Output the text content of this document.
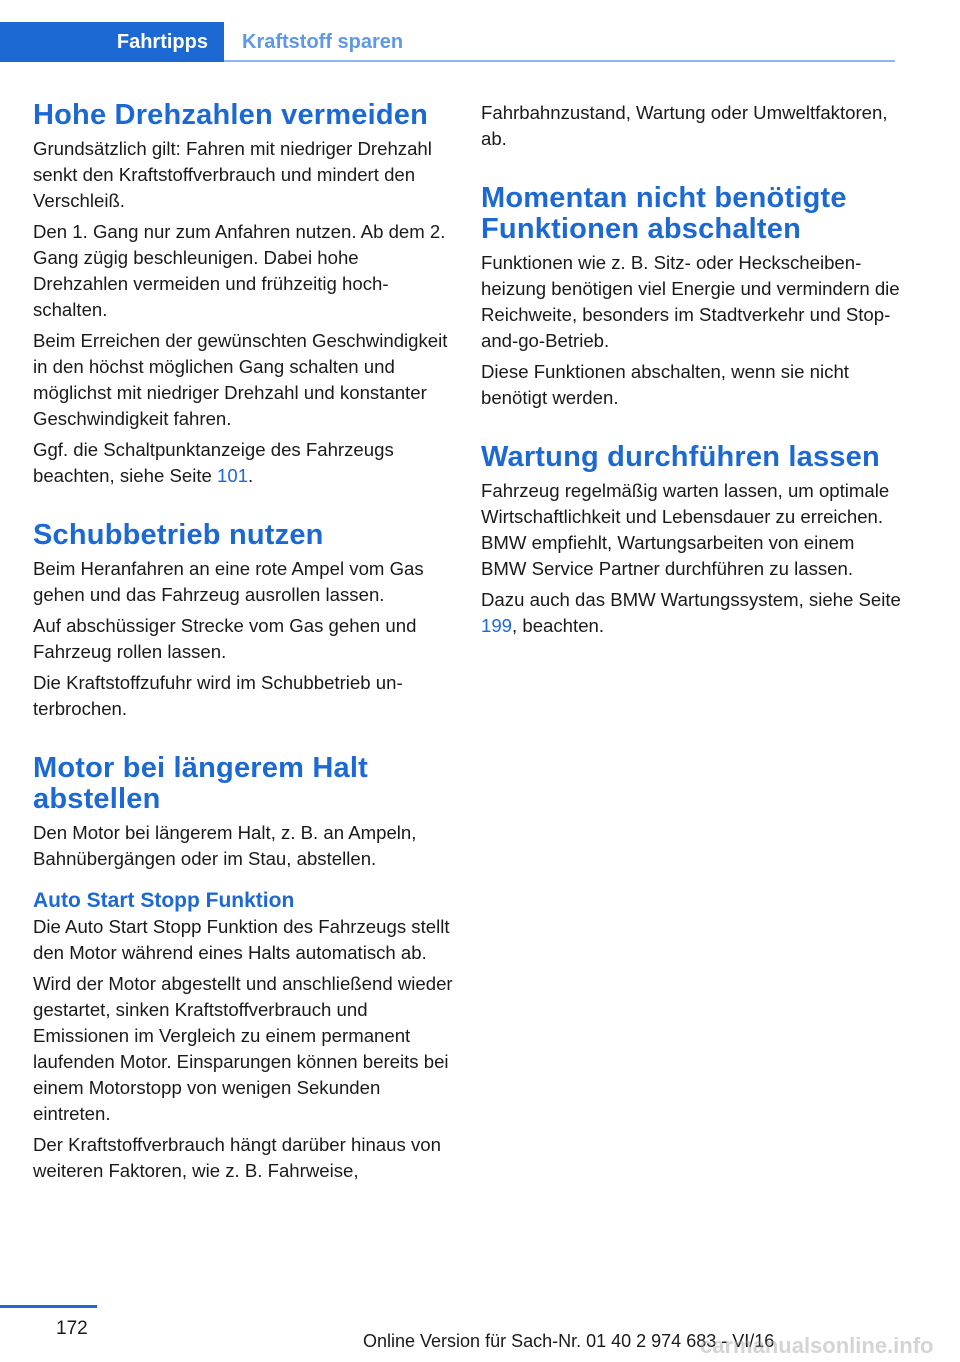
Fahrtipps	Kraftstoff sparen
Hohe Drehzahlen vermeiden

Grundsätzlich gilt: Fahren mit niedriger Drehzahl senkt den Kraftstoffverbrauch und mindert den Verschleiß.

Den 1. Gang nur zum Anfahren nutzen. Ab dem 2. Gang zügig beschleunigen. Dabei hohe Drehzahlen vermeiden und frühzeitig hochschalten.

Beim Erreichen der gewünschten Geschwindigkeit in den höchst möglichen Gang schalten und möglichst mit niedriger Drehzahl und konstanter Geschwindigkeit fahren.

Ggf. die Schaltpunktanzeige des Fahrzeugs beachten, siehe Seite 101.

Schubbetrieb nutzen

Beim Heranfahren an eine rote Ampel vom Gas gehen und das Fahrzeug ausrollen lassen.

Auf abschüssiger Strecke vom Gas gehen und Fahrzeug rollen lassen.

Die Kraftstoffzufuhr wird im Schubbetrieb unterbrochen.

Motor bei längerem Halt abstellen

Den Motor bei längerem Halt, z. B. an Ampeln, Bahnübergängen oder im Stau, abstellen.

Auto Start Stopp Funktion

Die Auto Start Stopp Funktion des Fahrzeugs stellt den Motor während eines Halts automatisch ab.

Wird der Motor abgestellt und anschließend wieder gestartet, sinken Kraftstoffverbrauch und Emissionen im Vergleich zu einem permanent laufenden Motor. Einsparungen können bereits bei einem Motorstopp von wenigen Sekunden eintreten.

Der Kraftstoffverbrauch hängt darüber hinaus von weiteren Faktoren, wie z. B. Fahrweise,

Fahrbahnzustand, Wartung oder Umweltfaktoren, ab.

Momentan nicht benötigte Funktionen abschalten

Funktionen wie z. B. Sitz- oder Heckscheibenheizung benötigen viel Energie und vermindern die Reichweite, besonders im Stadtverkehr und Stop-and-go-Betrieb.

Diese Funktionen abschalten, wenn sie nicht benötigt werden.

Wartung durchführen lassen

Fahrzeug regelmäßig warten lassen, um optimale Wirtschaftlichkeit und Lebensdauer zu erreichen. BMW empfiehlt, Wartungsarbeiten von einem BMW Service Partner durchführen zu lassen.

Dazu auch das BMW Wartungssystem, siehe Seite 199, beachten.

172
Online Version für Sach-Nr. 01 40 2 974 683 - VI/16
carmanualsonline.info
